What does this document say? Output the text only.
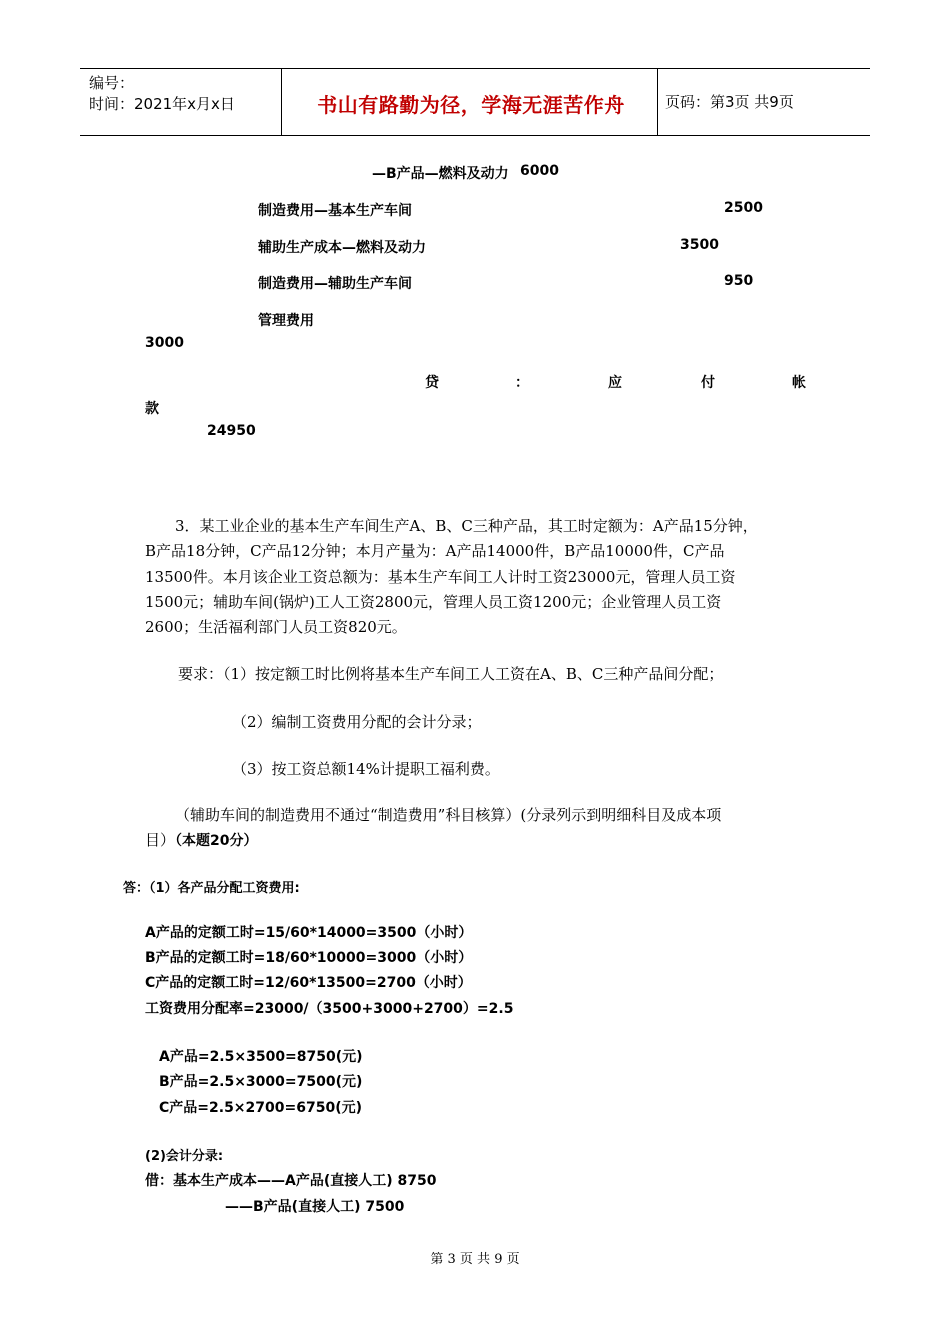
编号：
时间：2021年x月x日	书山有路勤为径，学海无涯苦作舟	页码：第3页 共9页
—B产品—燃料及动力 6000
制造费用—基本生产车间	2500
辅助生产成本—燃料及动力	3500
制造费用—辅助生产车间	950
管理费用
3000
贷	：	应	付	帐
款
24950
3．某工业企业的基本生产车间生产A、B、C三种产品，其工时定额为：A产品15分钟，
B产品18分钟，C产品12分钟；本月产量为：A产品14000件，B产品10000件，C产品
13500件。本月该企业工资总额为：基本生产车间工人计时工资23000元，管理人员工资
1500元；辅助车间(锅炉)工人工资2800元，管理人员工资1200元；企业管理人员工资
2600；生活福利部门人员工资820元。
要求：（1）按定额工时比例将基本生产车间工人工资在A、B、C三种产品间分配；
（2）编制工资费用分配的会计分录；
（3）按工资总额14%计提职工福利费。
（辅助车间的制造费用不通过“制造费用”科目核算）(分录列示到明细科目及成本项
目）（本题20分）
答：（1）各产品分配工资费用:
A产品的定额工时=15/60*14000=3500（小时）
B产品的定额工时=18/60*10000=3000（小时）
C产品的定额工时=12/60*13500=2700（小时）
工资费用分配率=23000/（3500+3000+2700）=2.5
A产品=2.5×3500=8750(元)
B产品=2.5×3000=7500(元)
C产品=2.5×2700=6750(元)
(2)会计分录:
借：基本生产成本——A产品(直接人工) 8750
——B产品(直接人工) 7500
第 3 页 共 9 页
